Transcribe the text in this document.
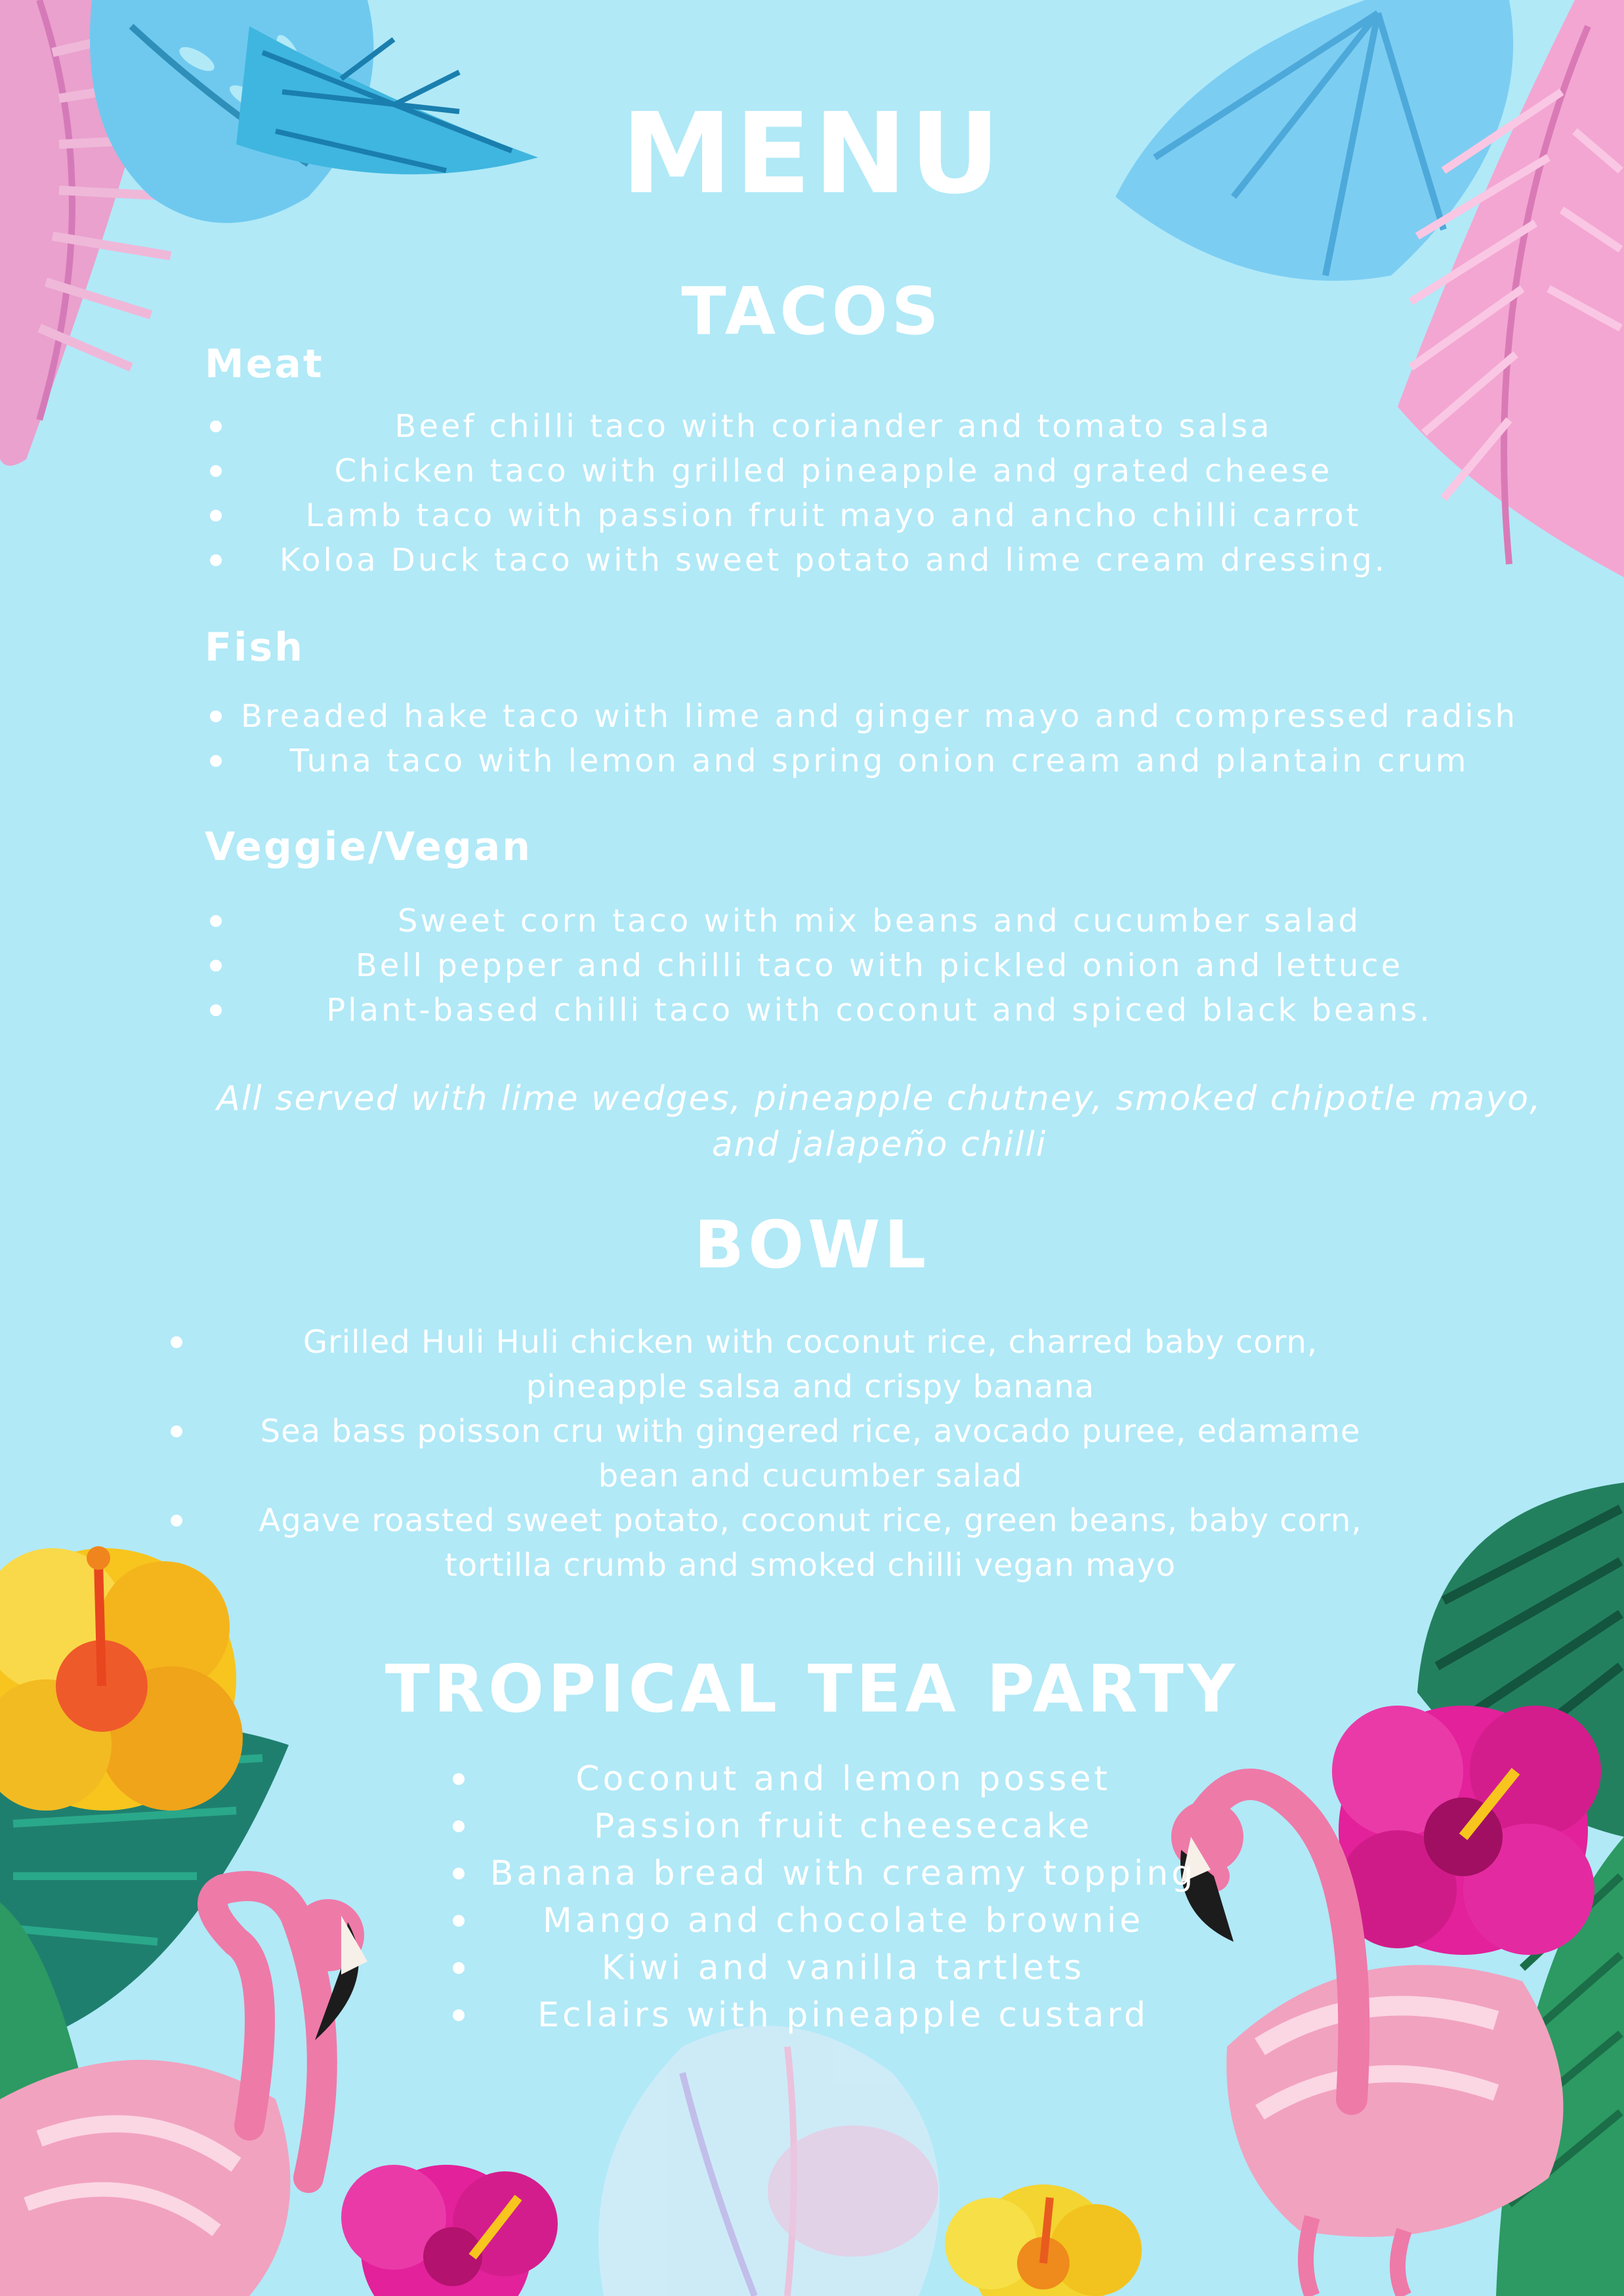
MENU
TACOS
Meat
Beef chilli taco with coriander and tomato salsa
Chicken taco with grilled pineapple and grated cheese
Lamb taco with passion fruit mayo and ancho chilli carrot
Koloa Duck taco with sweet potato and lime cream dressing.
Fish
Breaded hake taco with lime and ginger mayo and compressed radish
Tuna taco with lemon and spring onion cream and plantain crum
Veggie/Vegan
Sweet corn taco with mix beans and cucumber salad
Bell pepper and chilli taco with pickled onion and lettuce
Plant-based chilli taco with coconut and spiced black beans.

All served with lime wedges, pineapple chutney, smoked chipotle mayo, and jalapeño chilli

BOWL
Grilled Huli Huli chicken with coconut rice, charred baby corn, pineapple salsa and crispy banana
Sea bass poisson cru with gingered rice, avocado puree, edamame bean and cucumber salad
Agave roasted sweet potato, coconut rice, green beans, baby corn, tortilla crumb and smoked chilli vegan mayo
TROPICAL TEA PARTY
Coconut and lemon posset
Passion fruit cheesecake
Banana bread with creamy topping
Mango and chocolate brownie
Kiwi and vanilla tartlets
Eclairs with pineapple custard
